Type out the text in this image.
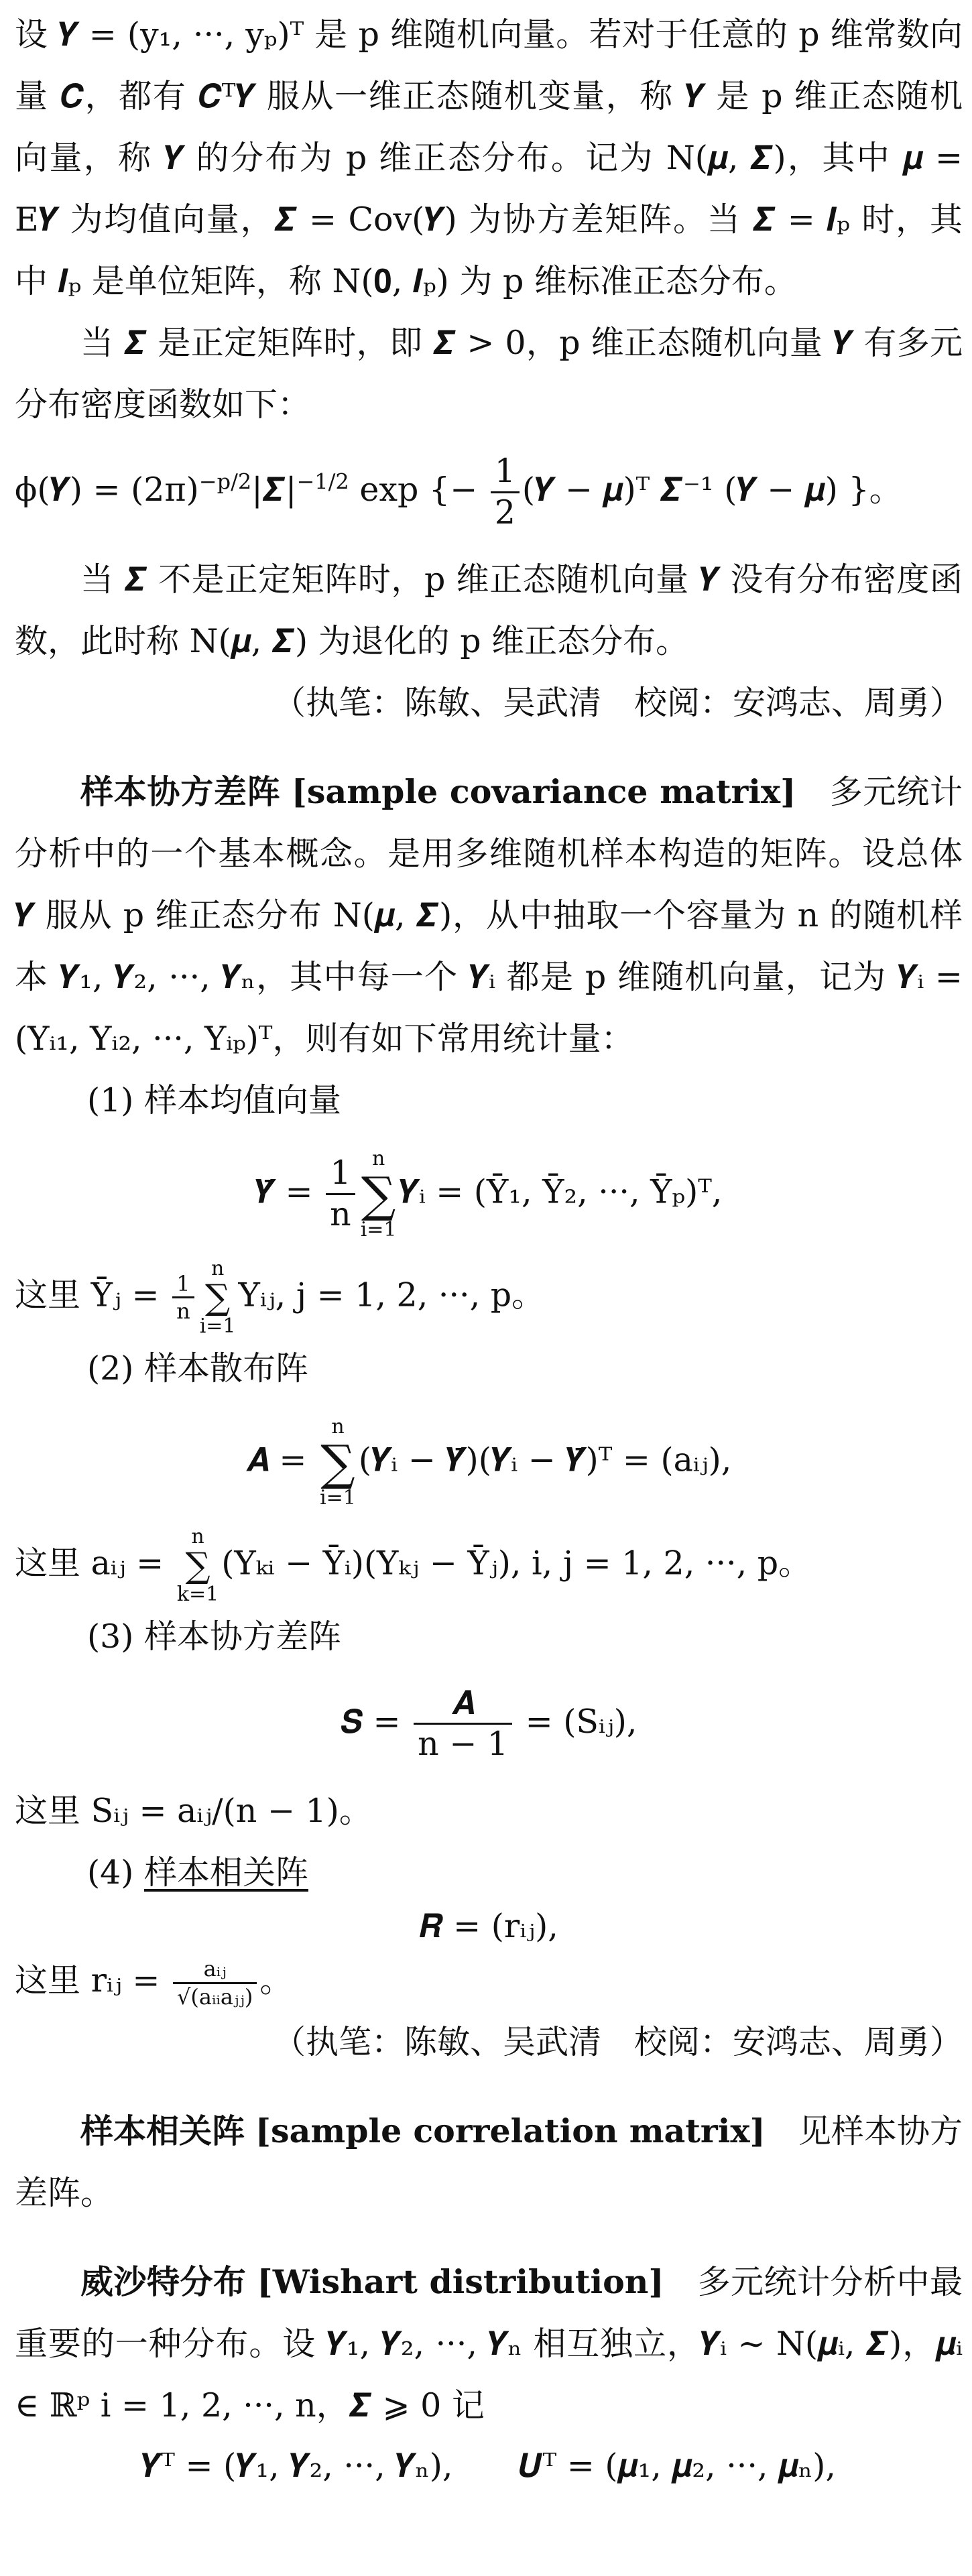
设 𝒀 = (y₁, ···, yₚ)ᵀ 是 p 维随机向量。若对于任意的 p 维常数向量 𝑪，都有 𝑪ᵀ𝒀 服从一维正态随机变量，称 𝒀 是 p 维正态随机向量，称 𝒀 的分布为 p 维正态分布。记为 N(𝝁, 𝜮)，其中 𝝁 = E𝒀 为均值向量，𝜮 = Cov(𝒀) 为协方差矩阵。当 𝜮 = 𝑰ₚ 时，其中 𝑰ₚ 是单位矩阵，称 N(𝟎, 𝑰ₚ) 为 p 维标准正态分布。

当 𝜮 是正定矩阵时，即 𝜮 > 0，p 维正态随机向量 𝒀 有多元分布密度函数如下：

ϕ(𝒀) = $(2\pi)^{-p/2}|𝜮|^{-1/2}$ exp {− $\frac{1}{2}$ (𝒀 − 𝝁)ᵀ 𝜮⁻¹ (𝒀 − 𝝁) }。

当 𝜮 不是正定矩阵时，p 维正态随机向量 𝒀 没有分布密度函数，此时称 N(𝝁, 𝜮) 为退化的 p 维正态分布。

（执笔：陈敏、吴武清　校阅：安鸿志、周勇）

样本协方差阵 [sample covariance matrix]　多元统计分析中的一个基本概念。是用多维随机样本构造的矩阵。设总体 𝒀 服从 p 维正态分布 N(𝝁, 𝜮)，从中抽取一个容量为 n 的随机样本 𝒀₁, 𝒀₂, ···, 𝒀ₙ，其中每一个 𝒀ᵢ 都是 p 维随机向量，记为 𝒀ᵢ = (Yᵢ₁, Yᵢ₂, ···, Yᵢₚ)ᵀ，则有如下常用统计量：

(1) 样本均值向量

𝒀̄ = $\frac{1}{n}$ n
∑
i=1
𝒀ᵢ = (Ȳ₁, Ȳ₂, ···, Ȳₚ)ᵀ,

这里 Ȳⱼ = $\frac{1}{n}$
n
∑
i=1
Yᵢⱼ, j = 1, 2, ···, p。

(2) 样本散布阵

𝑨 =
n
∑
i=1
(𝒀ᵢ − 𝒀̄)(𝒀ᵢ − 𝒀̄)ᵀ = (aᵢⱼ),

这里 aᵢⱼ =
n
∑
k=1
(Yₖᵢ − Ȳᵢ)(Yₖⱼ − Ȳⱼ), i, j = 1, 2, ···, p。

(3) 样本协方差阵

𝑺 = $\frac{\text{𝑨}}{n - 1}$ = (Sᵢⱼ),

这里 Sᵢⱼ = aᵢⱼ/(n − 1)。

(4) 样本相关阵

𝑹 = (rᵢⱼ),

这里 rᵢⱼ = $\frac{\text{aᵢⱼ}}{\text{√(aᵢᵢaⱼⱼ)}}$ 。

（执笔：陈敏、吴武清　校阅：安鸿志、周勇）

样本相关阵 [sample correlation matrix]　见样本协方差阵。

威沙特分布 [Wishart distribution]　多元统计分析中最重要的一种分布。设 𝒀₁, 𝒀₂, ···, 𝒀ₙ 相互独立，𝒀ᵢ ∼ N(𝝁ᵢ, 𝜮)，𝝁ᵢ ∈ ℝᵖ i = 1, 2, ···, n，𝜮 ⩾ 0 记

𝒀ᵀ = (𝒀₁, 𝒀₂, ···, 𝒀ₙ),　　𝑼ᵀ = (𝝁₁, 𝝁₂, ···, 𝝁ₙ),
